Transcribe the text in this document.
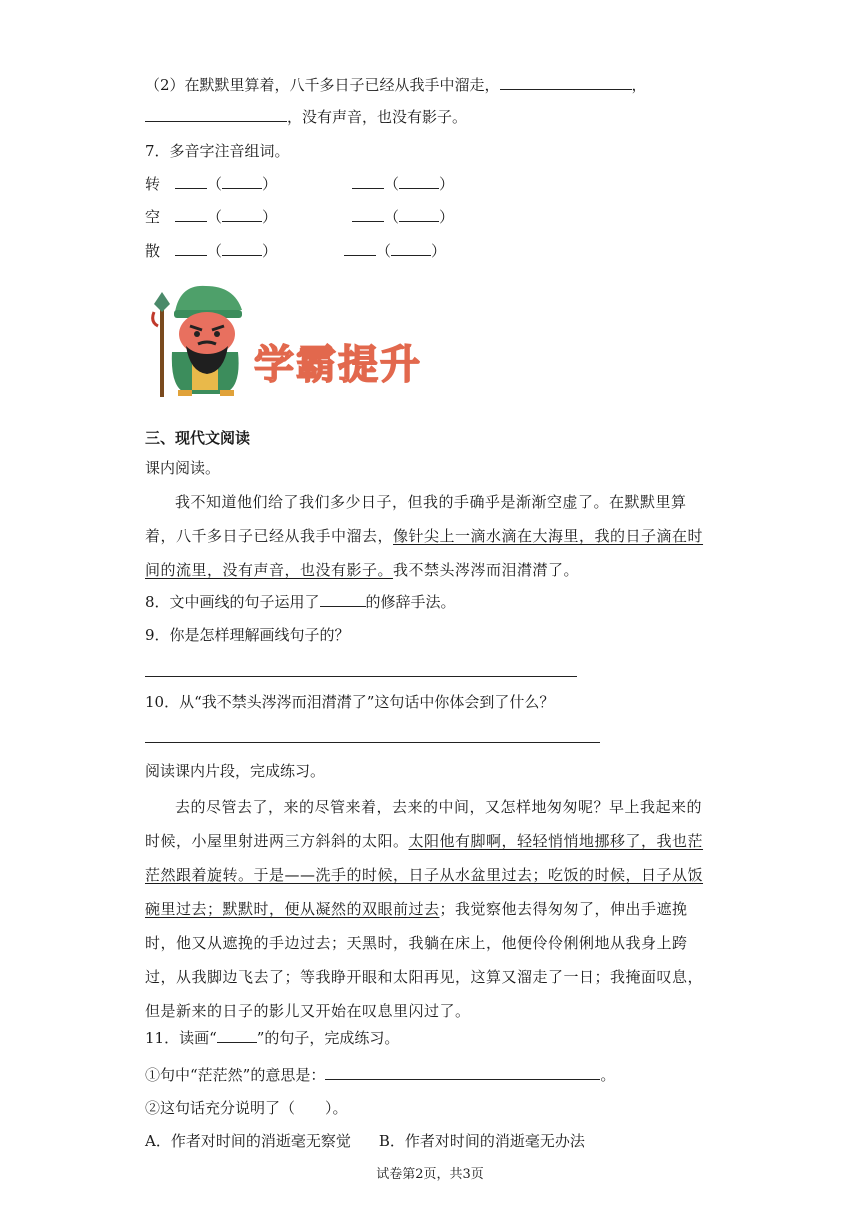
（2）在默默里算着，八千多日子已经从我手中溜走，	，
，没有声音，也没有影子。
7．多音字注音组词。
转	（	）	（	）
空	（	）	（	）
散	（	）	（	）
学霸提升
三、现代文阅读
课内阅读。
我不知道他们给了我们多少日子，但我的手确乎是渐渐空虚了。在默默里算着，八千多日子已经从我手中溜去，像针尖上一滴水滴在大海里，我的日子滴在时间的流里，没有声音，也没有影子。我不禁头涔涔而泪潸潸了。
8．文中画线的句子运用了	的修辞手法。
9．你是怎样理解画线句子的？
10．从“我不禁头涔涔而泪潸潸了”这句话中你体会到了什么？
阅读课内片段，完成练习。
去的尽管去了，来的尽管来着，去来的中间，又怎样地匆匆呢？早上我起来的时候，小屋里射进两三方斜斜的太阳。太阳他有脚啊，轻轻悄悄地挪移了，我也茫茫然跟着旋转。于是——洗手的时候，日子从水盆里过去；吃饭的时候，日子从饭碗里过去；默默时，便从凝然的双眼前过去；我觉察他去得匆匆了，伸出手遮挽时，他又从遮挽的手边过去；天黑时，我躺在床上，他便伶伶俐俐地从我身上跨过，从我脚边飞去了；等我睁开眼和太阳再见，这算又溜走了一日；我掩面叹息，但是新来的日子的影儿又开始在叹息里闪过了。
11．读画“	”的句子，完成练习。
①句中“茫茫然”的意思是：	。
②这句话充分说明了（　　）。
A．作者对时间的消逝毫无察觉 B．作者对时间的消逝毫无办法
试卷第2页，共3页
